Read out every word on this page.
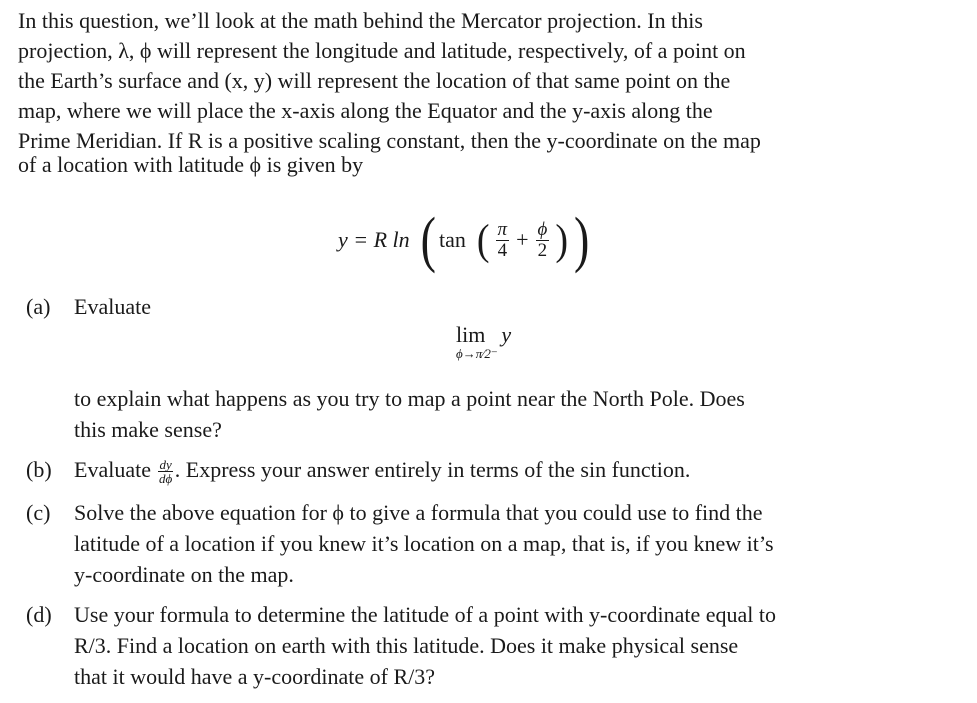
In this question, we’ll look at the math behind the Mercator projection. In this
projection, λ, ϕ will represent the longitude and latitude, respectively, of a point on
the Earth’s surface and (x, y) will represent the location of that same point on the
map, where we will place the x-axis along the Equator and the y-axis along the
Prime Meridian. If R is a positive scaling constant, then the y-coordinate on the map
of a location with latitude ϕ is given by
y = R ln ( tan ( $\frac{\pi}{4} + \frac{\phi}{2}$ ) )
(a) Evaluate
lim y
ϕ→π⁄2⁻
to explain what happens as you try to map a point near the North Pole. Does
this make sense?
(b) Evaluate $\frac{dy}{d\phi}$ . Express your answer entirely in terms of the sin function.
(c) Solve the above equation for ϕ to give a formula that you could use to find the
latitude of a location if you knew it’s location on a map, that is, if you knew it’s
y-coordinate on the map.
(d) Use your formula to determine the latitude of a point with y-coordinate equal to
R/3. Find a location on earth with this latitude. Does it make physical sense
that it would have a y-coordinate of R/3?
